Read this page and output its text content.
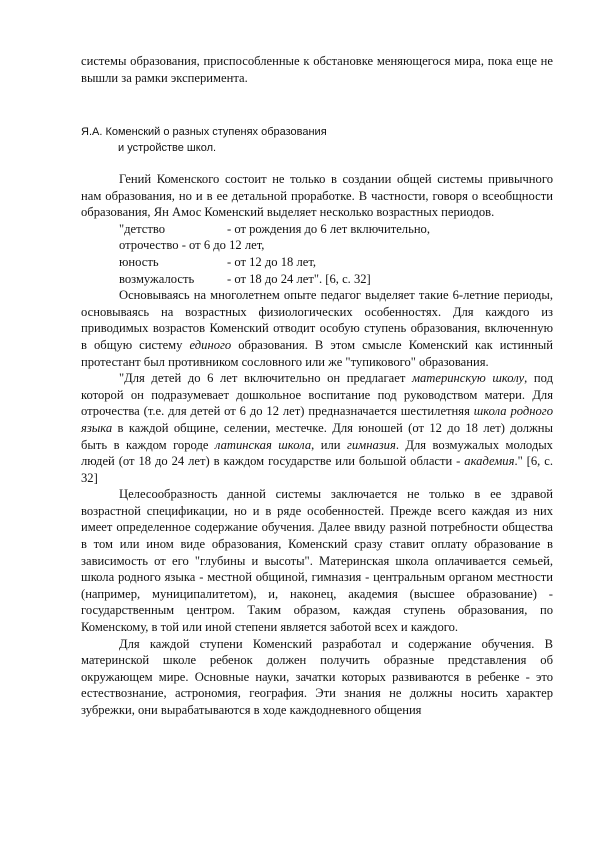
системы образования, приспособленные к обстановке меняющегося мира, пока еще не вышли за рамки эксперимента.

Я.А. Коменский о разных ступенях образования
и устройстве школ.

Гений Коменского состоит не только в создании общей системы привычного нам образования, но и в ее детальной проработке. В частности, говоря о всеобщности образования, Ян Амос Коменский выделяет несколько возрастных периодов.

"детство	- от рождения до 6 лет включительно,
отрочество - от 6 до 12 лет,
юность	- от 12 до 18 лет,
возмужалость	- от 18 до 24 лет". [6, с. 32]

Основываясь на многолетнем опыте педагог выделяет такие 6-летние периоды, основываясь на возрастных физиологических особенностях. Для каждого из приводимых возрастов Коменский отводит особую ступень образования, включенную в общую систему единого образования. В этом смысле Коменский как истинный протестант был противником сословного или же "тупикового" образования.

"Для детей до 6 лет включительно он предлагает материнскую школу, под которой он подразумевает дошкольное воспитание под руководством матери. Для отрочества (т.е. для детей от 6 до 12 лет) предназначается шестилетняя школа родного языка в каждой общине, селении, местечке. Для юношей (от 12 до 18 лет) должны быть в каждом городе латинская школа, или гимназия. Для возмужалых молодых людей (от 18 до 24 лет) в каждом государстве или большой области - академия." [6, с. 32]

Целесообразность данной системы заключается не только в ее здравой возрастной спецификации, но и в ряде особенностей. Прежде всего каждая из них имеет определенное содержание обучения. Далее ввиду разной потребности общества в том или ином виде образования, Коменский сразу ставит оплату образование в зависимость от его "глубины и высоты". Материнская школа оплачивается семьей, школа родного языка - местной общиной, гимназия - центральным органом местности (например, муниципалитетом), и, наконец, академия (высшее образование) - государственным центром. Таким образом, каждая ступень образования, по Коменскому, в той или иной степени является заботой всех и каждого.

Для каждой ступени Коменский разработал и содержание обучения. В материнской школе ребенок должен получить образные представления об окружающем мире. Основные науки, зачатки которых развиваются в ребенке - это естествознание, астрономия, география. Эти знания не должны носить характер зубрежки, они вырабатываются в ходе каждодневного общения
